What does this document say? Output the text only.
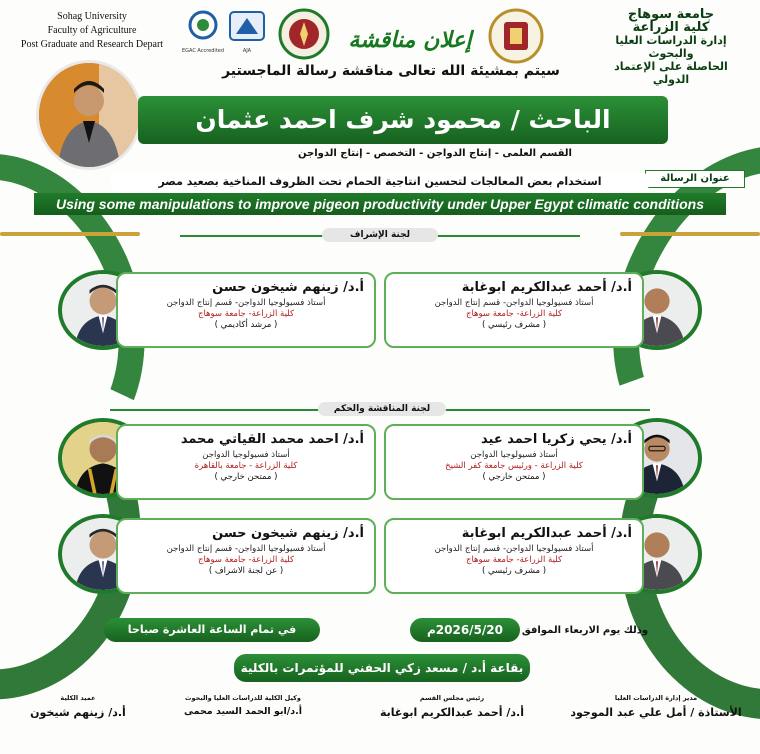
Sohag University
Faculty of Agriculture
Post Graduate and Research Depart
EGAC Accredited	AJA	إعلان مناقشة
جامعة سوهاج
كلية الزراعة
إدارة الدراسات العليا والبحوث
الحاصلة على الإعتماد الدولي
سيتم بمشيئة الله تعالى مناقشة رسالة الماجستير
الباحث / محمود شرف احمد عثمان
القسم العلمى - إنتاج الدواجن - التخصص - إنتاج الدواجن
عنوان الرسالة
استخدام بعض المعالجات لتحسين انتاجية الحمام تحت الظروف المناخية بصعيد مصر
Using some manipulations to improve pigeon productivity under Upper Egypt climatic conditions
لجنة الإشراف
أ.د/ أحمد عبدالكريم ابوغابة
أستاذ فسيولوجيا الدواجن- قسم إنتاج الدواجن
كلية الزراعة- جامعة سوهاج
( مشرف رئيسي )
أ.د/ زينهم شيخون حسن
أستاذ فسيولوجيا الدواجن- قسم إنتاج الدواجن
كلية الزراعة- جامعة سوهاج
( مرشد أكاديمي )
لجنة المناقشة والحكم
أ.د/ يحي زكريا احمد عيد
أستاذ فسيولوجيا الدواجن
كلية الزراعة - ورئيس جامعة كفر الشيخ
( ممتحن خارجي )
أ.د/ احمد محمد القياتي محمد
أستاذ فسيولوجيا الدواجن
كلية الزراعة - جامعة بالقاهرة
( ممتحن خارجي )
أ.د/ أحمد عبدالكريم ابوغابة
أستاذ فسيولوجيا الدواجن- قسم إنتاج الدواجن
كلية الزراعة- جامعة سوهاج
( مشرف رئيسي )
أ.د/ زينهم شيخون حسن
أستاذ فسيولوجيا الدواجن- قسم إنتاج الدواجن
كلية الزراعة- جامعة سوهاج
( عن لجنة الاشراف )
وذلك يوم الاربعاء الموافق
2026/5/20م
في تمام الساعة العاشرة صباحا
بقاعة أ.د / مسعد زكي الحفني للمؤتمرات بالكلية
عميد الكلية
أ.د/ زينهم شيخون
وكيل الكلية للدراسات العليا والبحوث
أ.د/ابو الحمد السيد محمى
رئيس مجلس القسم
أ.د/ أحمد عبدالكريم ابوغابة
مدير إدارة الدراسات العليا
الأستاذة / أمل علي عبد الموجود
